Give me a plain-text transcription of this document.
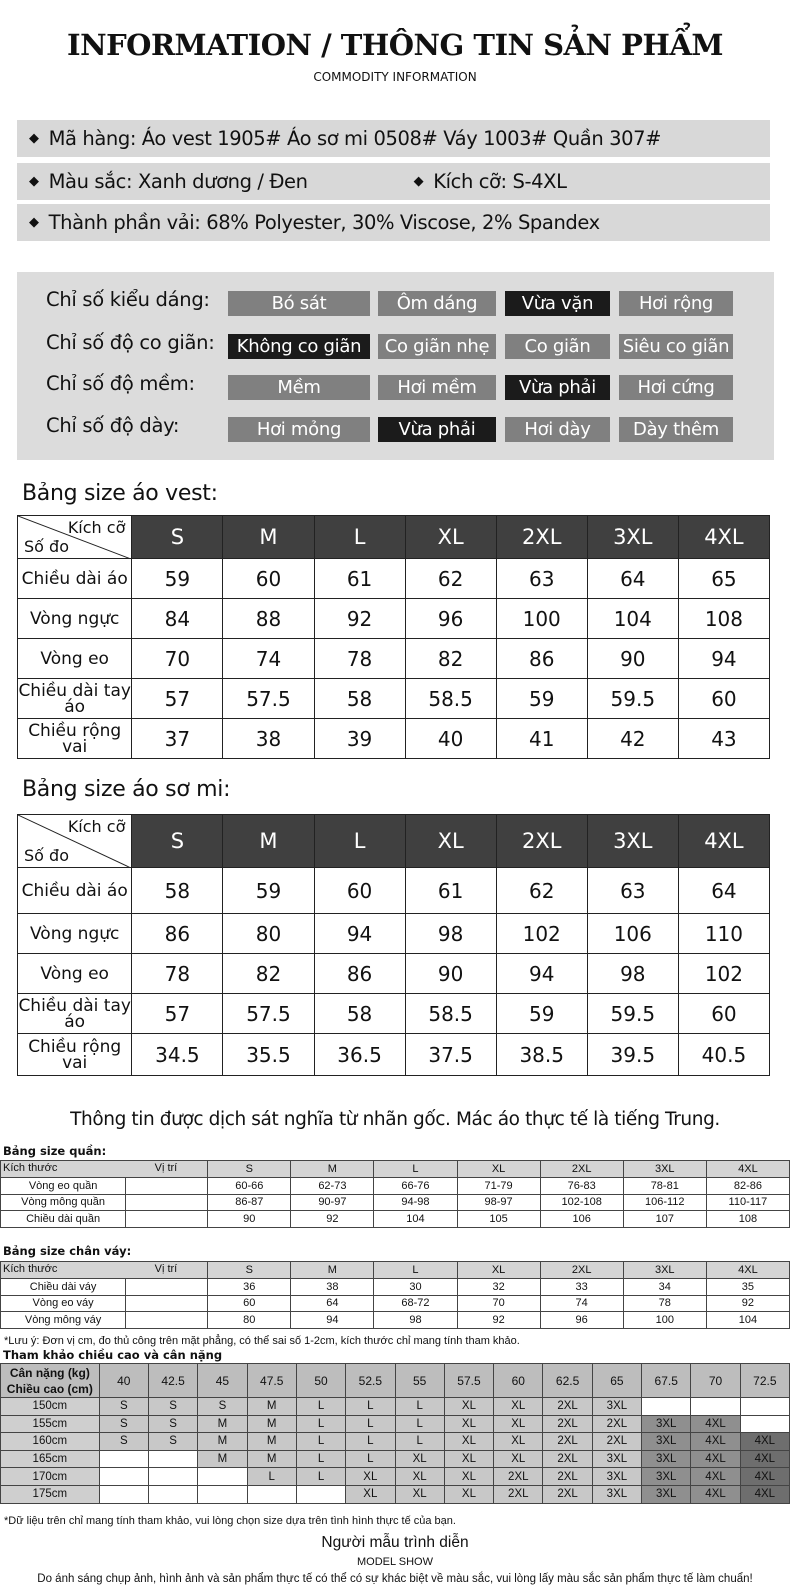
INFORMATION / THÔNG TIN SẢN PHẨM
COMMODITY INFORMATION
◆ Mã hàng: Áo vest 1905# Áo sơ mi 0508# Váy 1003# Quần 307#
◆ Màu sắc: Xanh dương / Đen	◆ Kích cỡ: S-4XL
◆ Thành phần vải: 68% Polyester, 30% Viscose, 2% Spandex
Chỉ số kiểu dáng:	Bó sát	Ôm dáng	Vừa vặn	Hơi rộng
Chỉ số độ co giãn:	Không co giãn	Co giãn nhẹ	Co giãn	Siêu co giãn
Chỉ số độ mềm:	Mềm	Hơi mềm	Vừa phải	Hơi cứng
Chỉ số độ dày:	Hơi mỏng	Vừa phải	Hơi dày	Dày thêm
Bảng size áo vest:
Kích cỡ
Số đo	S	M	L	XL	2XL	3XL	4XL
Chiều dài áo	59	60	61	62	63	64	65
Vòng ngực	84	88	92	96	100	104	108
Vòng eo	70	74	78	82	86	90	94
Chiều dài tay áo	57	57.5	58	58.5	59	59.5	60
Chiều rộng vai	37	38	39	40	41	42	43
Bảng size áo sơ mi:
Kích cỡ
Số đo	S	M	L	XL	2XL	3XL	4XL
Chiều dài áo	58	59	60	61	62	63	64
Vòng ngực	86	80	94	98	102	106	110
Vòng eo	78	82	86	90	94	98	102
Chiều dài tay áo	57	57.5	58	58.5	59	59.5	60
Chiều rộng vai	34.5	35.5	36.5	37.5	38.5	39.5	40.5
Thông tin được dịch sát nghĩa từ nhãn gốc. Mác áo thực tế là tiếng Trung.
Bảng size quần:
Kích thước Vị trí		S	M	L	XL	2XL	3XL	4XL
Vòng eo quần		60-66	62-73	66-76	71-79	76-83	78-81	82-86
Vòng mông quần		86-87	90-97	94-98	98-97	102-108	106-112	110-117
Chiều dài quần		90	92	104	105	106	107	108
Bảng size chân váy:
Kích thước Vị trí		S	M	L	XL	2XL	3XL	4XL
Chiều dài váy		36	38	30	32	33	34	35
Vòng eo váy		60	64	68-72	70	74	78	92
Vòng mông váy		80	94	98	92	96	100	104
*Lưu ý: Đơn vị cm, đo thủ công trên mặt phẳng, có thể sai số 1-2cm, kích thước chỉ mang tính tham khảo.
Tham khảo chiều cao và cân nặng
Cân nặng (kg)
Chiều cao (cm)	40	42.5	45	47.5	50	52.5	55	57.5	60	62.5	65	67.5	70	72.5
150cm	S	S	S	M	L	L	L	XL	XL	2XL	3XL			
155cm	S	S	M	M	L	L	L	XL	XL	2XL	2XL	3XL	4XL	
160cm	S	S	M	M	L	L	L	XL	XL	2XL	2XL	3XL	4XL	4XL
165cm			M	M	L	L	XL	XL	XL	2XL	3XL	3XL	4XL	4XL
170cm				L	L	XL	XL	XL	2XL	2XL	3XL	3XL	4XL	4XL
175cm						XL	XL	XL	2XL	2XL	3XL	3XL	4XL	4XL
*Dữ liệu trên chỉ mang tính tham khảo, vui lòng chọn size dựa trên tình hình thực tế của bạn.
Người mẫu trình diễn
MODEL SHOW
Do ánh sáng chụp ảnh, hình ảnh và sản phẩm thực tế có thể có sự khác biệt về màu sắc, vui lòng lấy màu sắc sản phẩm thực tế làm chuẩn!
